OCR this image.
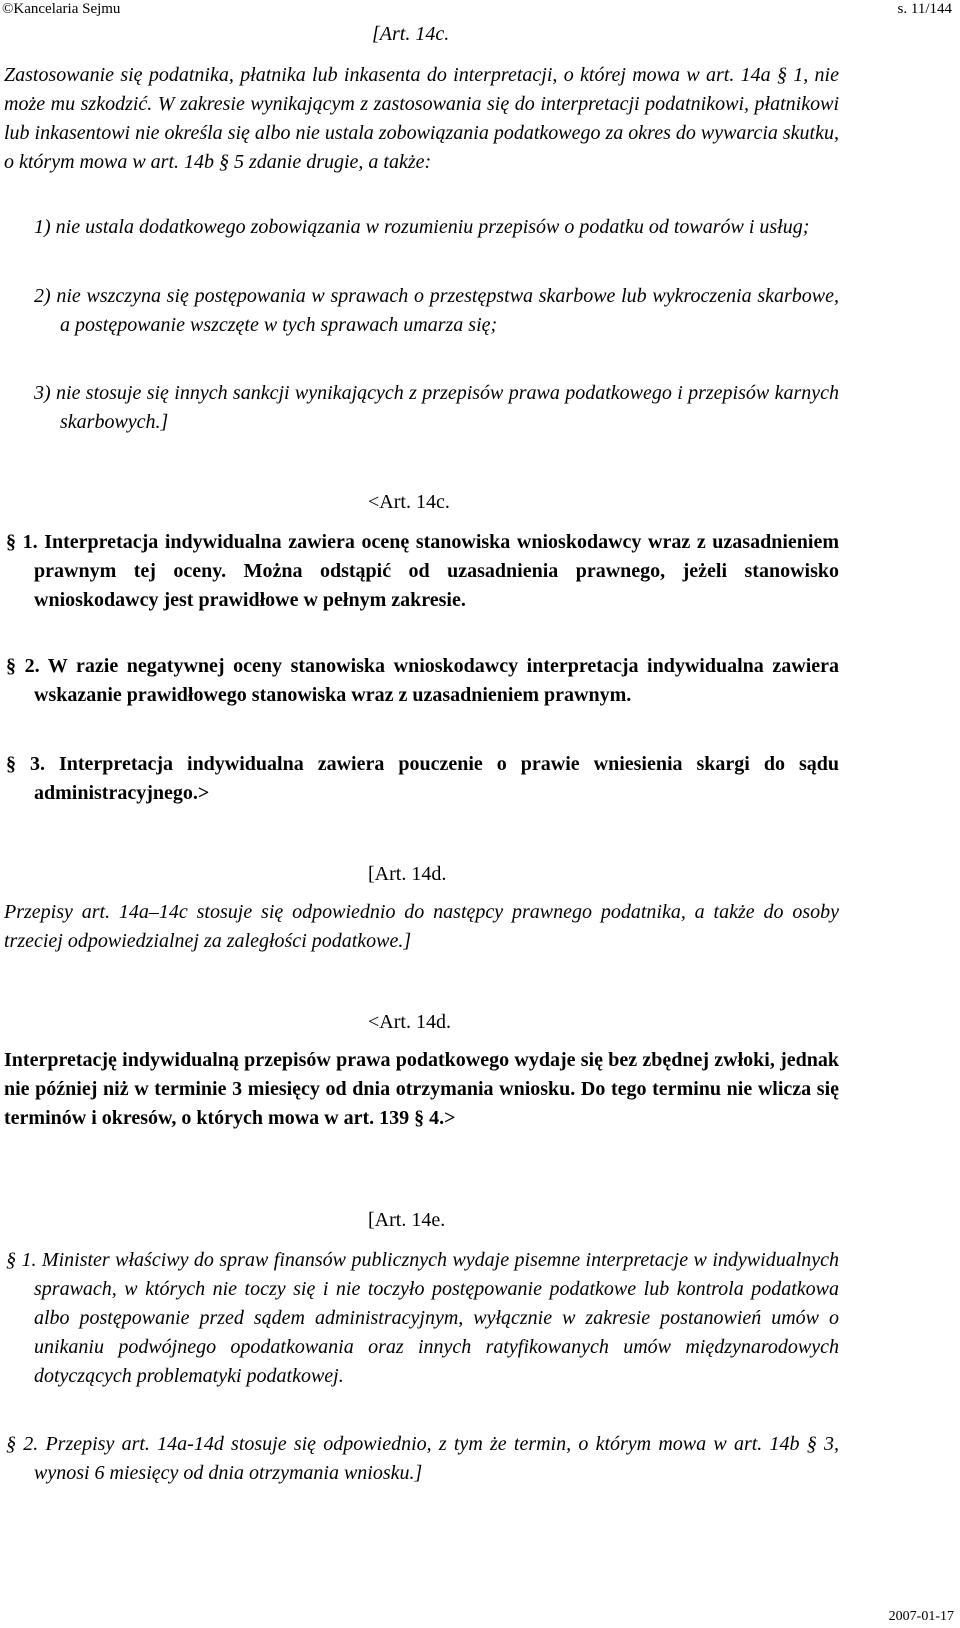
©Kancelaria Sejmu	s. 11/144
[Art. 14c.

Zastosowanie się podatnika, płatnika lub inkasenta do interpretacji, o której mowa w art. 14a § 1, nie może mu szkodzić. W zakresie wynikającym z zastosowania się do interpretacji podatnikowi, płatnikowi lub inkasentowi nie określa się albo nie ustala zobowiązania podatkowego za okres do wywarcia skutku, o którym mowa w art. 14b § 5 zdanie drugie, a także:

1) nie ustala dodatkowego zobowiązania w rozumieniu przepisów o podatku od towarów i usług;

2) nie wszczyna się postępowania w sprawach o przestępstwa skarbowe lub wykroczenia skarbowe, a postępowanie wszczęte w tych sprawach umarza się;

3) nie stosuje się innych sankcji wynikających z przepisów prawa podatkowego i przepisów karnych skarbowych.]

<Art. 14c.

§ 1. Interpretacja indywidualna zawiera ocenę stanowiska wnioskodawcy wraz z uzasadnieniem prawnym tej oceny. Można odstąpić od uzasadnienia prawnego, jeżeli stanowisko wnioskodawcy jest prawidłowe w pełnym zakresie.

§ 2. W razie negatywnej oceny stanowiska wnioskodawcy interpretacja indywidualna zawiera wskazanie prawidłowego stanowiska wraz z uzasadnieniem prawnym.

§ 3. Interpretacja indywidualna zawiera pouczenie o prawie wniesienia skargi do sądu administracyjnego.>

[Art. 14d.

Przepisy art. 14a–14c stosuje się odpowiednio do następcy prawnego podatnika, a także do osoby trzeciej odpowiedzialnej za zaległości podatkowe.]

<Art. 14d.

Interpretację indywidualną przepisów prawa podatkowego wydaje się bez zbędnej zwłoki, jednak nie później niż w terminie 3 miesięcy od dnia otrzymania wniosku. Do tego terminu nie wlicza się terminów i okresów, o których mowa w art. 139 § 4.>

[Art. 14e.

§ 1. Minister właściwy do spraw finansów publicznych wydaje pisemne interpretacje w indywidualnych sprawach, w których nie toczy się i nie toczyło postępowanie podatkowe lub kontrola podatkowa albo postępowanie przed sądem administracyjnym, wyłącznie w zakresie postanowień umów o unikaniu podwójnego opodatkowania oraz innych ratyfikowanych umów międzynarodowych dotyczących problematyki podatkowej.

§ 2. Przepisy art. 14a-14d stosuje się odpowiednio, z tym że termin, o którym mowa w art. 14b § 3, wynosi 6 miesięcy od dnia otrzymania wniosku.]

2007-01-17
